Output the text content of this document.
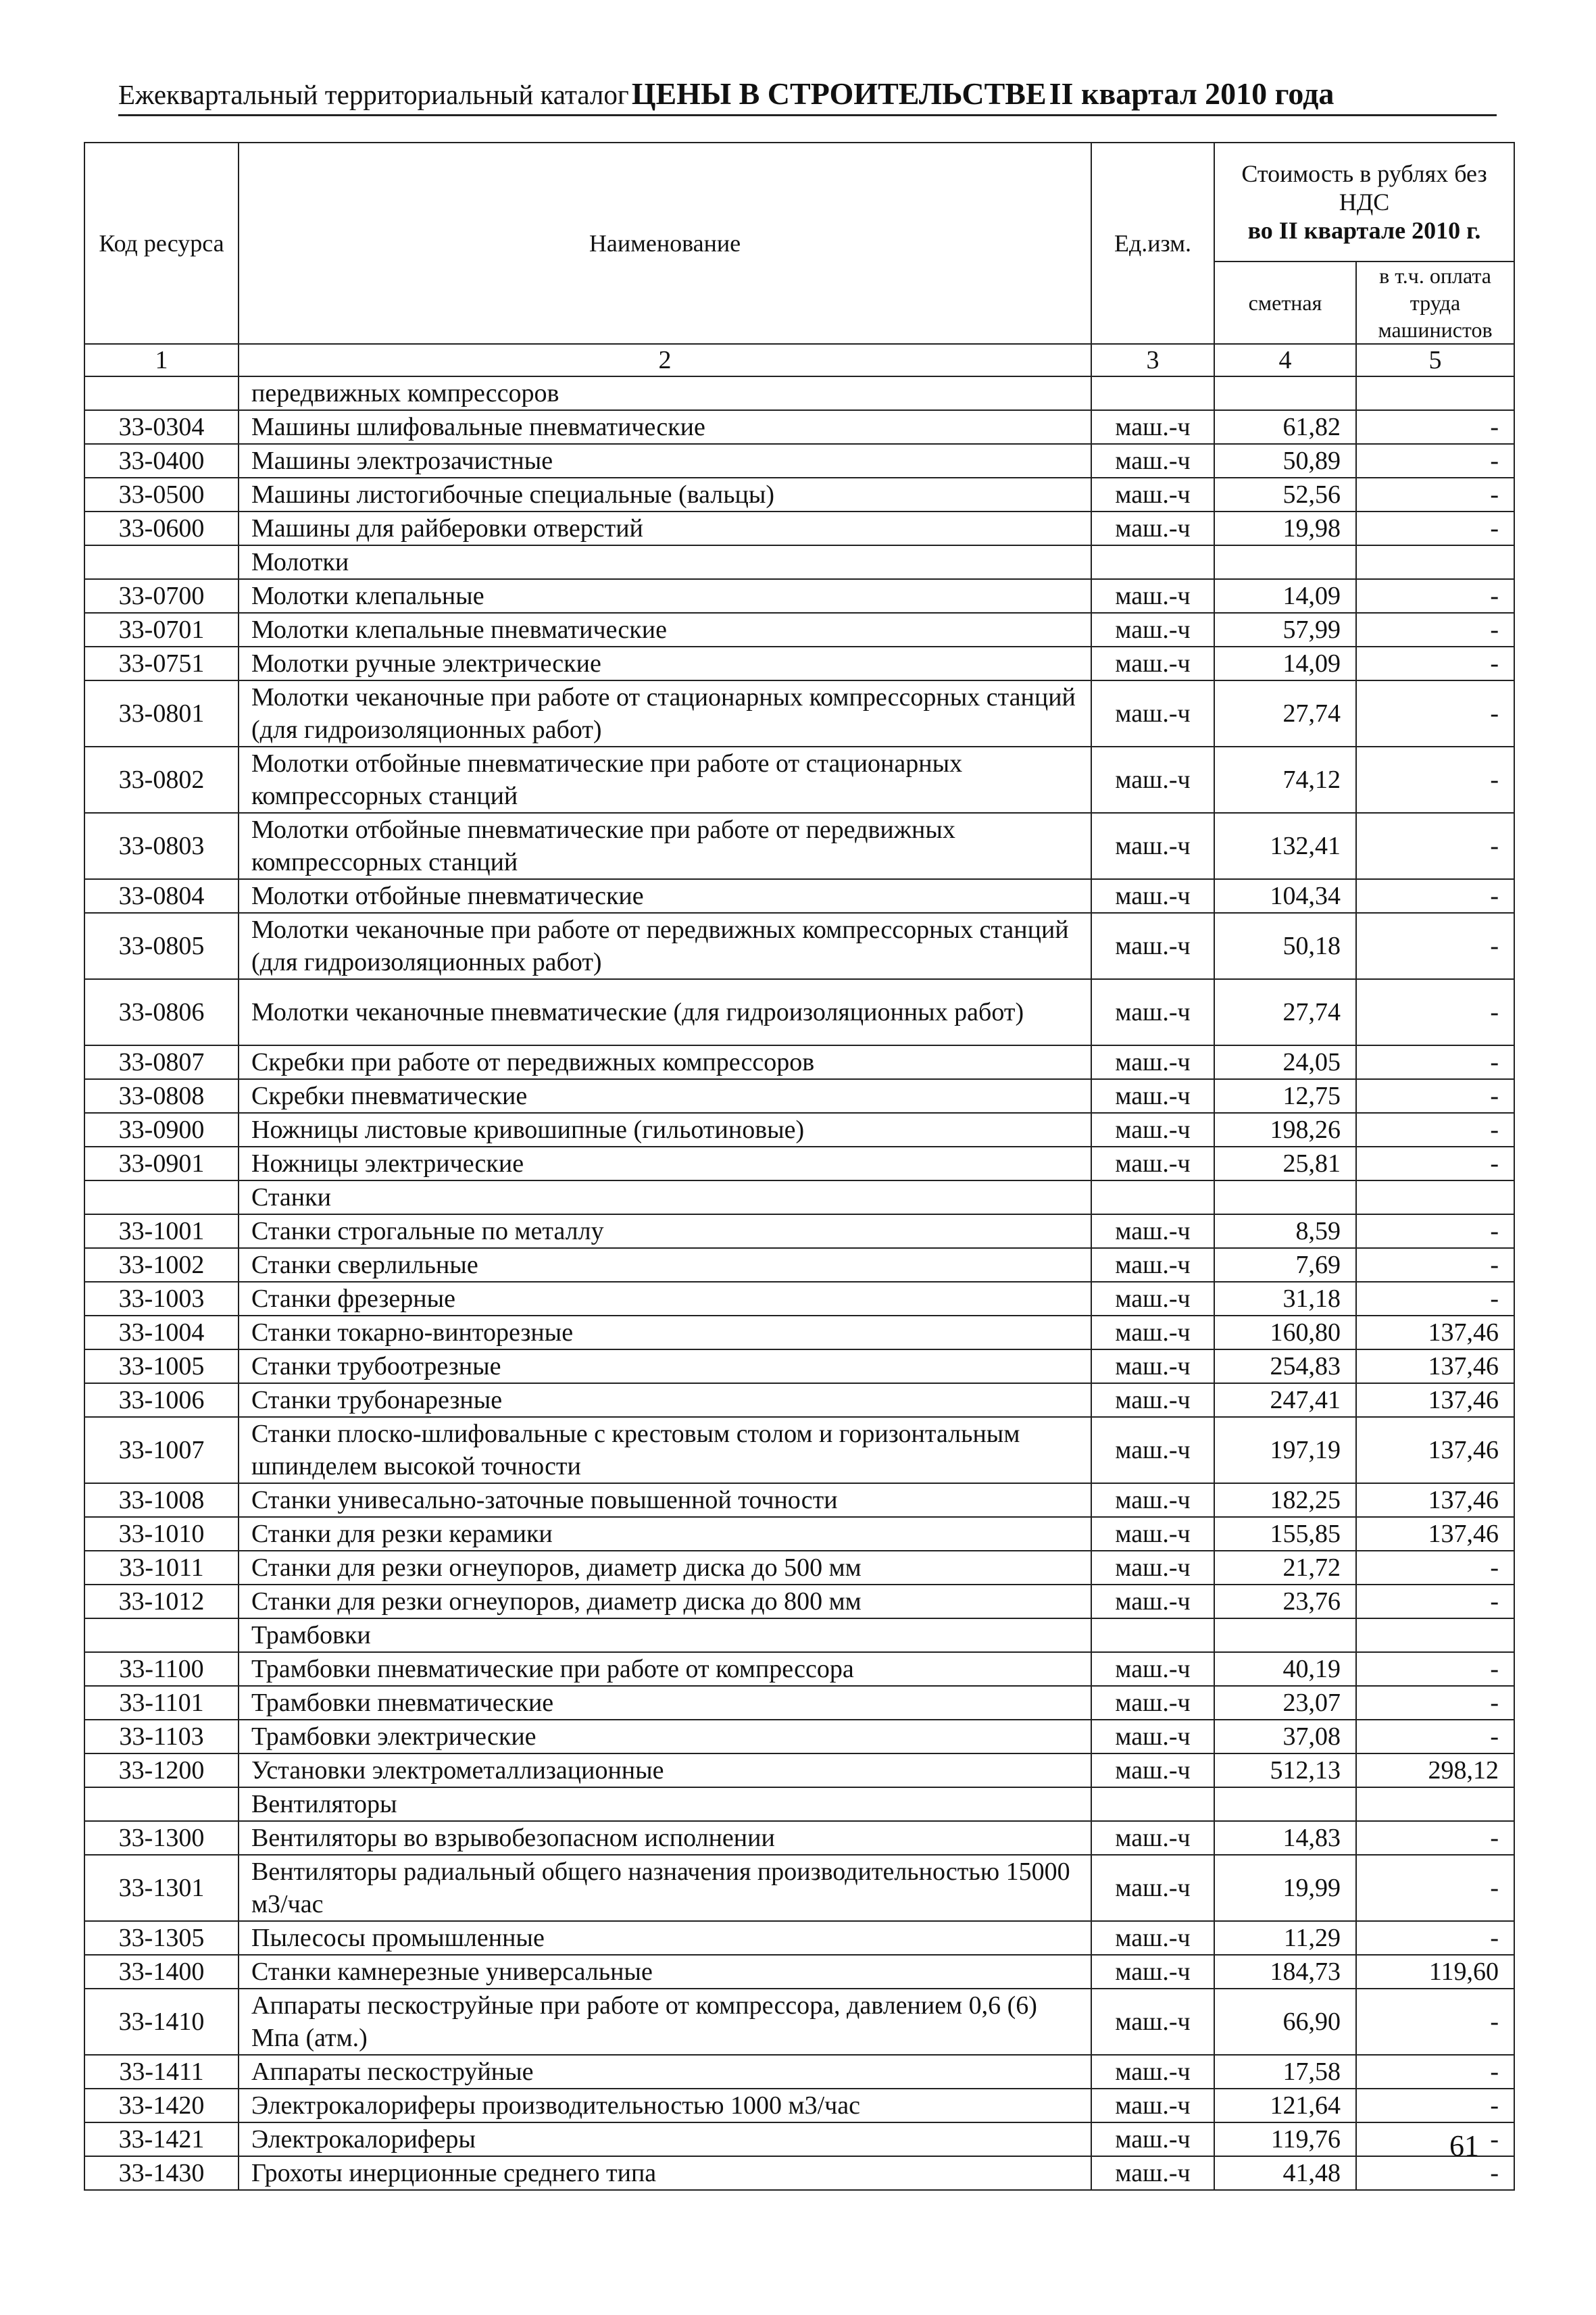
Ежеквартальный территориальный каталог ЦЕНЫ В СТРОИТЕЛЬСТВЕ II квартал 2010 года
Код ресурса	Наименование	Ед.изм.	Стоимость в рублях без НДС
во II квартале 2010 г.	

			сметная	в т.ч. оплата труда машинистов
1	2	3	4	5
	передвижных компрессоров			
33-0304	Машины шлифовальные пневматические	маш.-ч	61,82	-
33-0400	Машины электрозачистные	маш.-ч	50,89	-
33-0500	Машины листогибочные специальные (вальцы)	маш.-ч	52,56	-
33-0600	Машины для райберовки отверстий	маш.-ч	19,98	-
	Молотки			
33-0700	Молотки клепальные	маш.-ч	14,09	-
33-0701	Молотки клепальные пневматические	маш.-ч	57,99	-
33-0751	Молотки ручные электрические	маш.-ч	14,09	-
33-0801	Молотки чеканочные при работе от стационарных компрессорных станций (для гидроизоляционных работ)	маш.-ч	27,74	-
33-0802	Молотки отбойные пневматические при работе от стационарных компрессорных станций	маш.-ч	74,12	-
33-0803	Молотки отбойные пневматические при работе от передвижных компрессорных станций	маш.-ч	132,41	-
33-0804	Молотки отбойные пневматические	маш.-ч	104,34	-
33-0805	Молотки чеканочные при работе от передвижных компрессорных станций (для гидроизоляционных работ)	маш.-ч	50,18	-
33-0806	Молотки чеканочные пневматические (для гидроизоляционных работ)	маш.-ч	27,74	-
33-0807	Скребки при работе от передвижных компрессоров	маш.-ч	24,05	-
33-0808	Скребки пневматические	маш.-ч	12,75	-
33-0900	Ножницы листовые кривошипные (гильотиновые)	маш.-ч	198,26	-
33-0901	Ножницы электрические	маш.-ч	25,81	-
	Станки			
33-1001	Станки строгальные по металлу	маш.-ч	8,59	-
33-1002	Станки сверлильные	маш.-ч	7,69	-
33-1003	Станки фрезерные	маш.-ч	31,18	-
33-1004	Станки токарно-винторезные	маш.-ч	160,80	137,46
33-1005	Станки трубоотрезные	маш.-ч	254,83	137,46
33-1006	Станки трубонарезные	маш.-ч	247,41	137,46
33-1007	Станки плоско-шлифовальные с крестовым столом и горизонтальным шпинделем высокой точности	маш.-ч	197,19	137,46
33-1008	Станки унивесально-заточные повышенной точности	маш.-ч	182,25	137,46
33-1010	Станки для резки керамики	маш.-ч	155,85	137,46
33-1011	Станки для резки огнеупоров, диаметр диска до 500 мм	маш.-ч	21,72	-
33-1012	Станки для резки огнеупоров, диаметр диска до 800 мм	маш.-ч	23,76	-
	Трамбовки			
33-1100	Трамбовки пневматические при работе от компрессора	маш.-ч	40,19	-
33-1101	Трамбовки пневматические	маш.-ч	23,07	-
33-1103	Трамбовки электрические	маш.-ч	37,08	-
33-1200	Установки электрометаллизационные	маш.-ч	512,13	298,12
	Вентиляторы			
33-1300	Вентиляторы во взрывобезопасном исполнении	маш.-ч	14,83	-
33-1301	Вентиляторы радиальный общего назначения производительностью 15000 м3/час	маш.-ч	19,99	-
33-1305	Пылесосы промышленные	маш.-ч	11,29	-
33-1400	Станки камнерезные универсальные	маш.-ч	184,73	119,60
33-1410	Аппараты пескоструйные при работе от компрессора, давлением 0,6 (6) Мпа (атм.)	маш.-ч	66,90	-
33-1411	Аппараты пескоструйные	маш.-ч	17,58	-
33-1420	Электрокалориферы производительностью 1000 м3/час	маш.-ч	121,64	-
33-1421	Электрокалориферы	маш.-ч	119,76	-
33-1430	Грохоты инерционные среднего типа	маш.-ч	41,48	-
61
